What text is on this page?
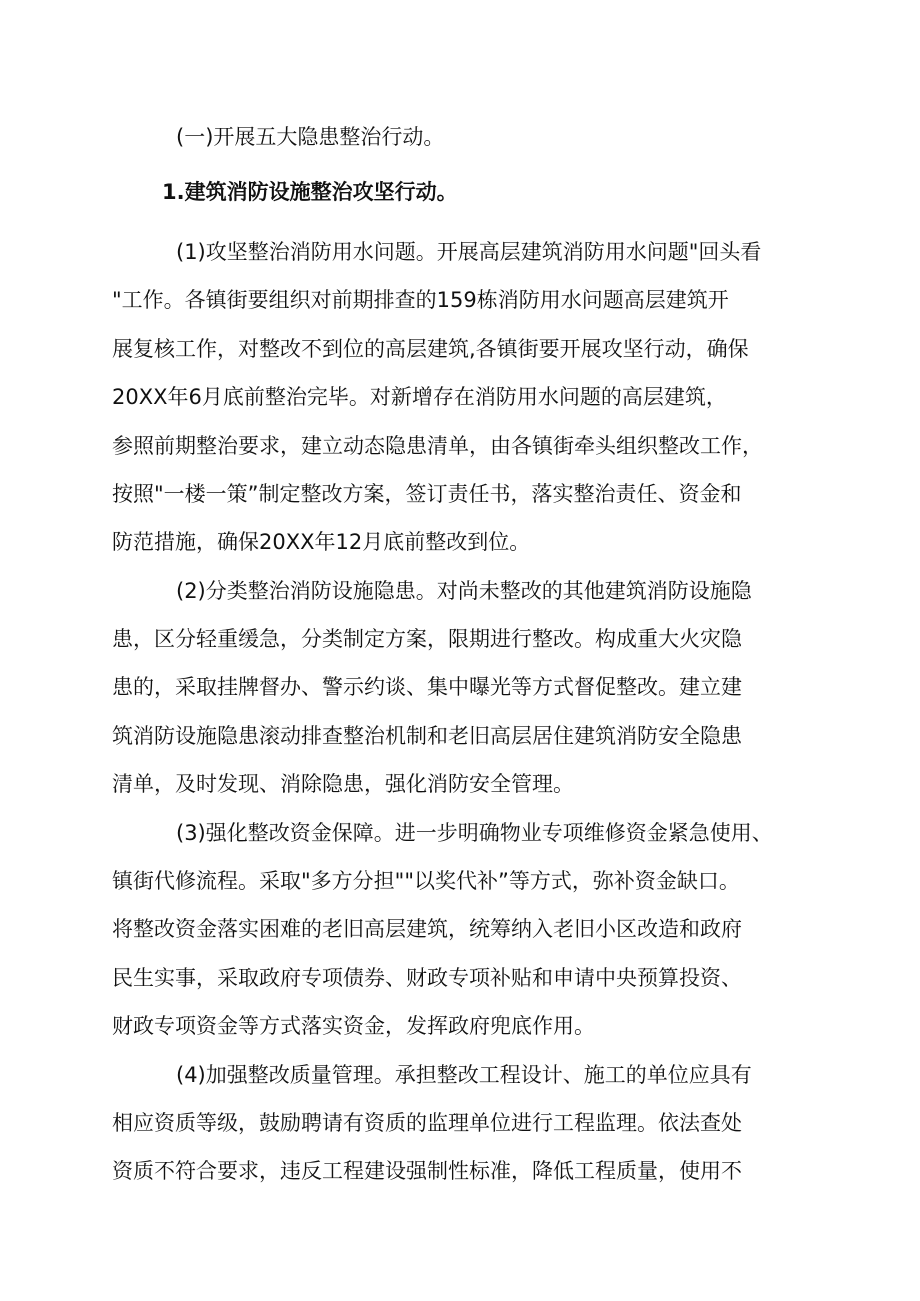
(一)开展五大隐患整治行动。
1.建筑消防设施整治攻坚行动。
(1)攻坚整治消防用水问题。开展高层建筑消防用水问题"回头看
"工作。各镇街要组织对前期排查的159栋消防用水问题高层建筑开
展复核工作，对整改不到位的高层建筑,各镇街要开展攻坚行动，确保
20XX年6月底前整治完毕。对新增存在消防用水问题的高层建筑，
参照前期整治要求，建立动态隐患清单，由各镇街牵头组织整改工作，
按照"一楼一策”制定整改方案，签订责任书，落实整治责任、资金和
防范措施，确保20XX年12月底前整改到位。
(2)分类整治消防设施隐患。对尚未整改的其他建筑消防设施隐
患，区分轻重缓急，分类制定方案，限期进行整改。构成重大火灾隐
患的，采取挂牌督办、警示约谈、集中曝光等方式督促整改。建立建
筑消防设施隐患滚动排查整治机制和老旧高层居住建筑消防安全隐患
清单，及时发现、消除隐患，强化消防安全管理。
(3)强化整改资金保障。进一步明确物业专项维修资金紧急使用、
镇街代修流程。采取"多方分担""以奖代补”等方式，弥补资金缺口。
将整改资金落实困难的老旧高层建筑，统筹纳入老旧小区改造和政府
民生实事，采取政府专项债券、财政专项补贴和申请中央预算投资、
财政专项资金等方式落实资金，发挥政府兜底作用。
(4)加强整改质量管理。承担整改工程设计、施工的单位应具有
相应资质等级，鼓励聘请有资质的监理单位进行工程监理。依法查处
资质不符合要求，违反工程建设强制性标准，降低工程质量，使用不
